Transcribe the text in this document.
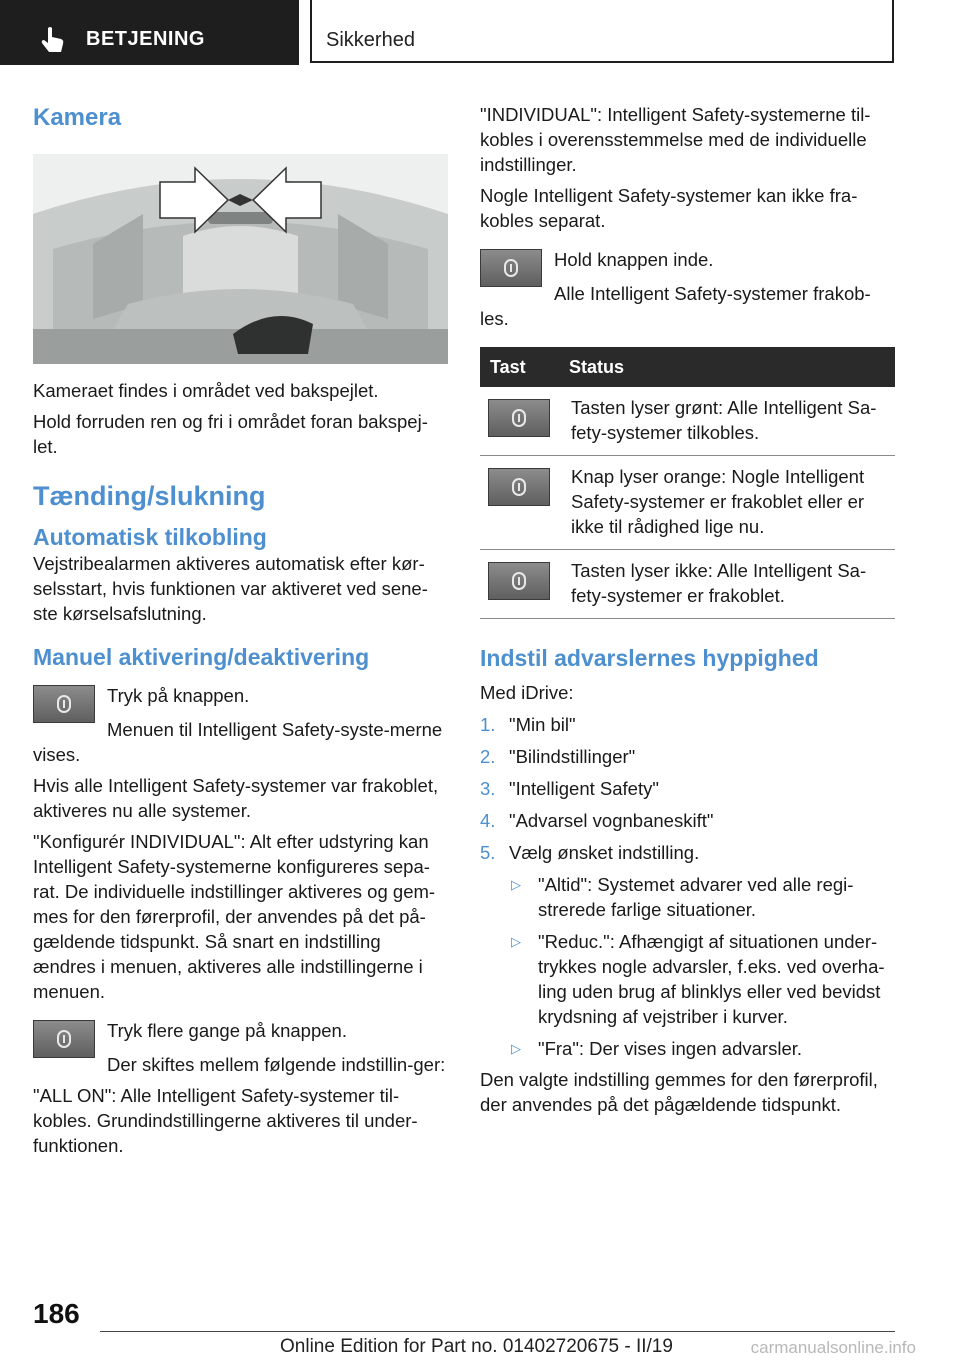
BETJENING	Sikkerhed
Kamera

Kameraet findes i området ved bakspejlet.

Hold forruden ren og fri i området foran bakspej-let.

Tænding/slukning
Automatisk tilkobling

Vejstribealarmen aktiveres automatisk efter kør-selsstart, hvis funktionen var aktiveret ved sene-ste kørselsafslutning.

Manuel aktivering/deaktivering

Tryk på knappen.

Menuen til Intelligent Safety-syste-merne vises.

Hvis alle Intelligent Safety-systemer var frakoblet, aktiveres nu alle systemer.

"Konfigurér INDIVIDUAL": Alt efter udstyring kan Intelligent Safety-systemerne konfigureres sepa-rat. De individuelle indstillinger aktiveres og gem-mes for den førerprofil, der anvendes på det på-gældende tidspunkt. Så snart en indstilling ændres i menuen, aktiveres alle indstillingerne i menuen.

Tryk flere gange på knappen.

Der skiftes mellem følgende indstillin-ger:

"ALL ON": Alle Intelligent Safety-systemer til-kobles. Grundindstillingerne aktiveres til under-funktionen.

"INDIVIDUAL": Intelligent Safety-systemerne til-kobles i overensstemmelse med de individuelle indstillinger.

Nogle Intelligent Safety-systemer kan ikke fra-kobles separat.

Hold knappen inde.

Alle Intelligent Safety-systemer frakob-les.

Tast	Status

	Tasten lyser grønt: Alle Intelligent Sa-fety-systemer tilkobles.

	Knap lyser orange: Nogle Intelligent Safety-systemer er frakoblet eller er ikke til rådighed lige nu.

	Tasten lyser ikke: Alle Intelligent Sa-fety-systemer er frakoblet.
Indstil advarslernes hyppighed

Med iDrive:

1. "Min bil"
2. "Bilindstillinger"
3. "Intelligent Safety"
4. "Advarsel vognbaneskift"
5. Vælg ønsket indstilling.
▷ "Altid": Systemet advarer ved alle regi-strerede farlige situationer.
▷ "Reduc.": Afhængigt af situationen under-trykkes nogle advarsler, f.eks. ved overha-ling uden brug af blinklys eller ved bevidst krydsning af vejstriber i kurver.
▷ "Fra": Der vises ingen advarsler.

Den valgte indstilling gemmes for den førerprofil, der anvendes på det pågældende tidspunkt.

186
Online Edition for Part no. 01402720675 - II/19	carmanualsonline.info
